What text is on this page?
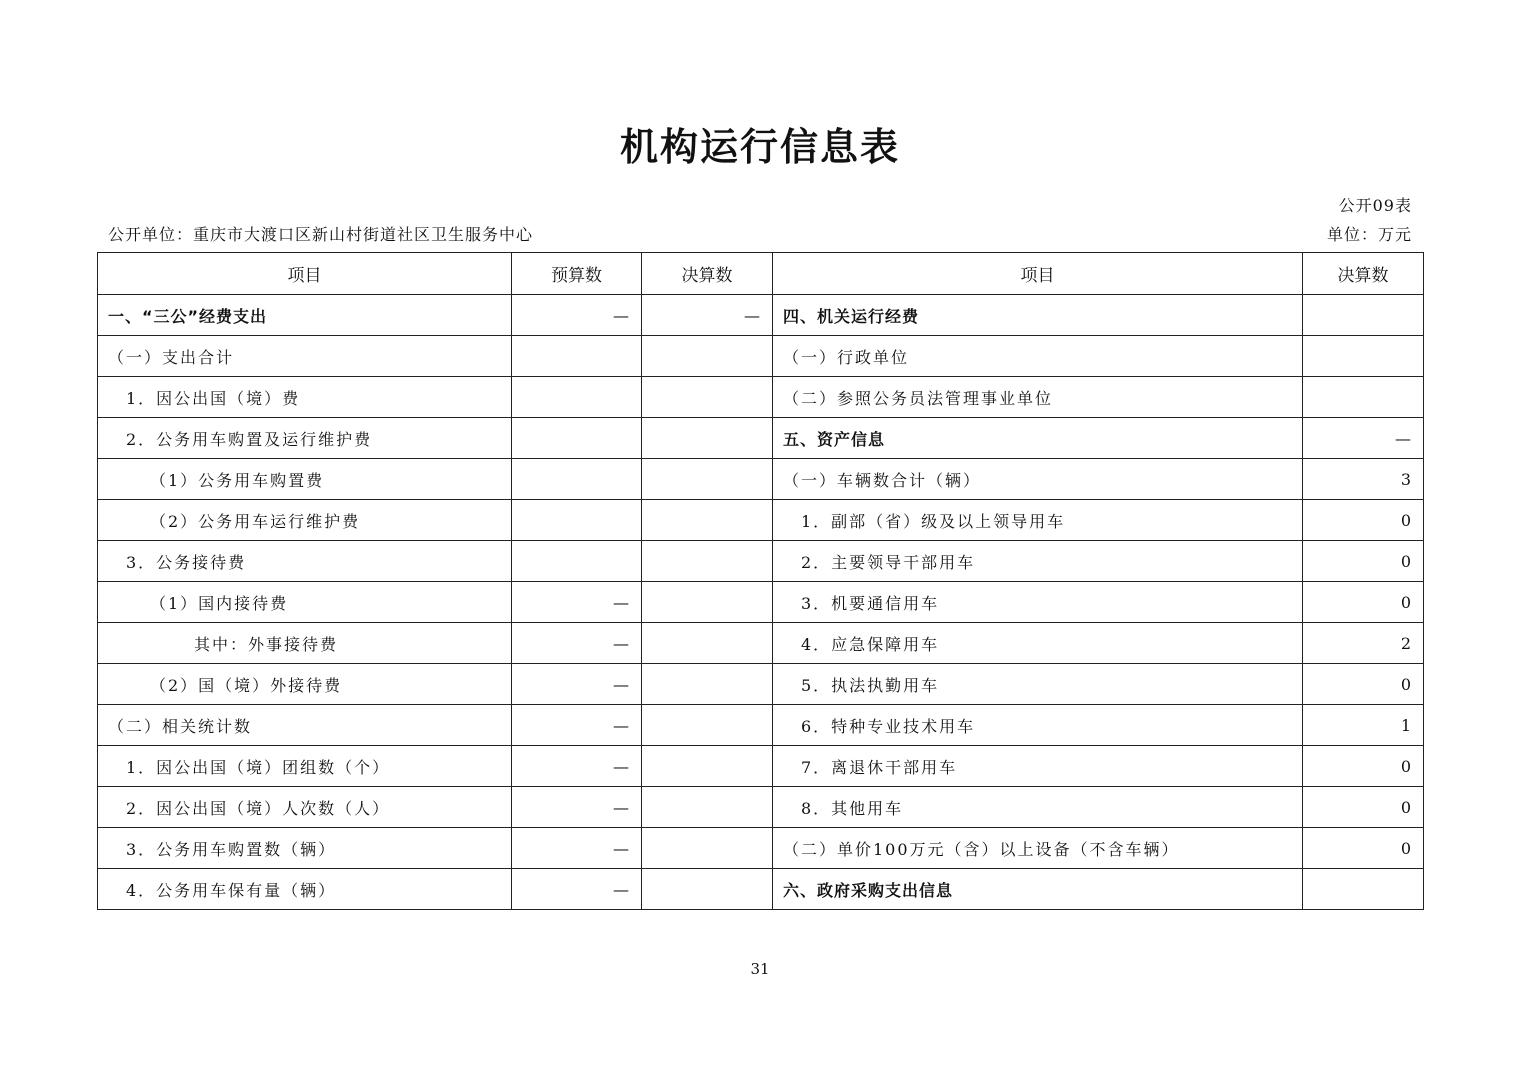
机构运行信息表
公开09表
单位：万元
公开单位：重庆市大渡口区新山村街道社区卫生服务中心
项目	预算数	决算数	项目	决算数
一、“三公”经费支出	—	—	四、机关运行经费	
（一）支出合计			（一）行政单位	
1．因公出国（境）费			（二）参照公务员法管理事业单位	
2．公务用车购置及运行维护费			五、资产信息	—
（1）公务用车购置费			（一）车辆数合计（辆）	3
（2）公务用车运行维护费			1．副部（省）级及以上领导用车	0
3．公务接待费			2．主要领导干部用车	0
（1）国内接待费	—		3．机要通信用车	0
其中：外事接待费	—		4．应急保障用车	2
（2）国（境）外接待费	—		5．执法执勤用车	0
（二）相关统计数	—		6．特种专业技术用车	1
1．因公出国（境）团组数（个）	—		7．离退休干部用车	0
2．因公出国（境）人次数（人）	—		8．其他用车	0
3．公务用车购置数（辆）	—		（二）单价100万元（含）以上设备（不含车辆）	0
4．公务用车保有量（辆）	—		六、政府采购支出信息	
31
